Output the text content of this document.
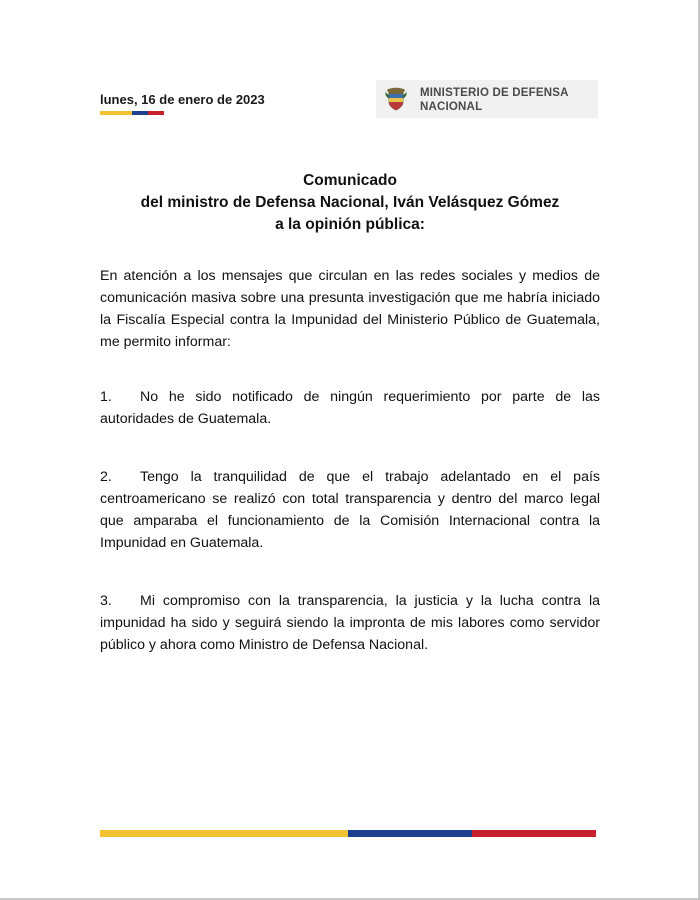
lunes, 16 de enero de 2023	MINISTERIO DE DEFENSA
NACIONAL
Comunicado
del ministro de Defensa Nacional, Iván Velásquez Gómez
a la opinión pública:
En atención a los mensajes que circulan en las redes sociales y medios de comunicación masiva sobre una presunta investigación que me habría iniciado la Fiscalía Especial contra la Impunidad del Ministerio Público de Guatemala, me permito informar:
1. No he sido notificado de ningún requerimiento por parte de las autoridades de Guatemala.
2. Tengo la tranquilidad de que el trabajo adelantado en el país centroamericano se realizó con total transparencia y dentro del marco legal que amparaba el funcionamiento de la Comisión Internacional contra la Impunidad en Guatemala.
3. Mi compromiso con la transparencia, la justicia y la lucha contra la impunidad ha sido y seguirá siendo la impronta de mis labores como servidor público y ahora como Ministro de Defensa Nacional.
